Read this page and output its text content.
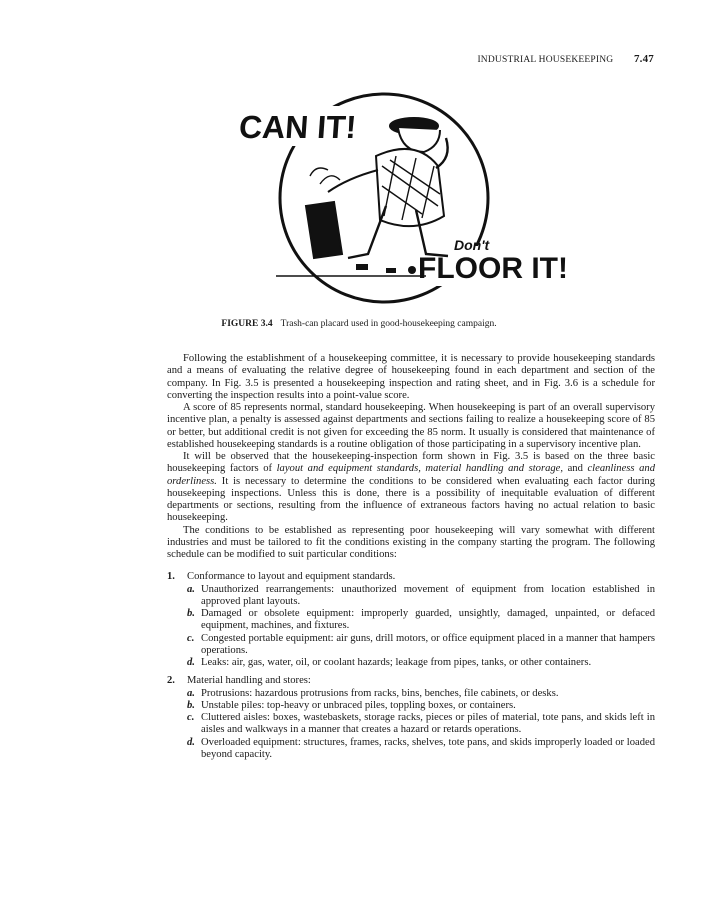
INDUSTRIAL HOUSEKEEPING 7.47
CAN IT!
Don't
FLOOR IT!
FIGURE 3.4 Trash-can placard used in good-housekeeping campaign.

Following the establishment of a housekeeping committee, it is necessary to provide housekeeping standards and a means of evaluating the relative degree of housekeeping found in each department and section of the company. In Fig. 3.5 is presented a housekeeping inspection and rating sheet, and in Fig. 3.6 is a schedule for converting the inspection results into a point-value score.

A score of 85 represents normal, standard housekeeping. When housekeeping is part of an overall supervisory incentive plan, a penalty is assessed against departments and sections failing to realize a housekeeping score of 85 or better, but additional credit is not given for exceeding the 85 norm. It usually is considered that maintenance of established housekeeping standards is a routine obligation of those participating in a supervisory incentive plan.

It will be observed that the housekeeping-inspection form shown in Fig. 3.5 is based on the three basic housekeeping factors of layout and equipment standards, material handling and storage, and cleanliness and orderliness. It is necessary to determine the conditions to be considered when evaluating each factor during housekeeping inspections. Unless this is done, there is a possibility of inequitable evaluation of different departments or sections, resulting from the influence of extraneous factors having no actual relation to basic housekeeping.

The conditions to be established as representing poor housekeeping will vary somewhat with different industries and must be tailored to fit the conditions existing in the company starting the program. The following schedule can be modified to suit particular conditions:

1. Conformance to layout and equipment standards.
a. Unauthorized rearrangements: unauthorized movement of equipment from location established in approved plant layouts.
b. Damaged or obsolete equipment: improperly guarded, unsightly, damaged, unpainted, or defaced equipment, machines, and fixtures.
c. Congested portable equipment: air guns, drill motors, or office equipment placed in a manner that hampers operations.
d. Leaks: air, gas, water, oil, or coolant hazards; leakage from pipes, tanks, or other containers.
2. Material handling and stores:
a. Protrusions: hazardous protrusions from racks, bins, benches, file cabinets, or desks.
b. Unstable piles: top-heavy or unbraced piles, toppling boxes, or containers.
c. Cluttered aisles: boxes, wastebaskets, storage racks, pieces or piles of material, tote pans, and skids left in aisles and walkways in a manner that creates a hazard or retards operations.
d. Overloaded equipment: structures, frames, racks, shelves, tote pans, and skids improperly loaded or loaded beyond capacity.
